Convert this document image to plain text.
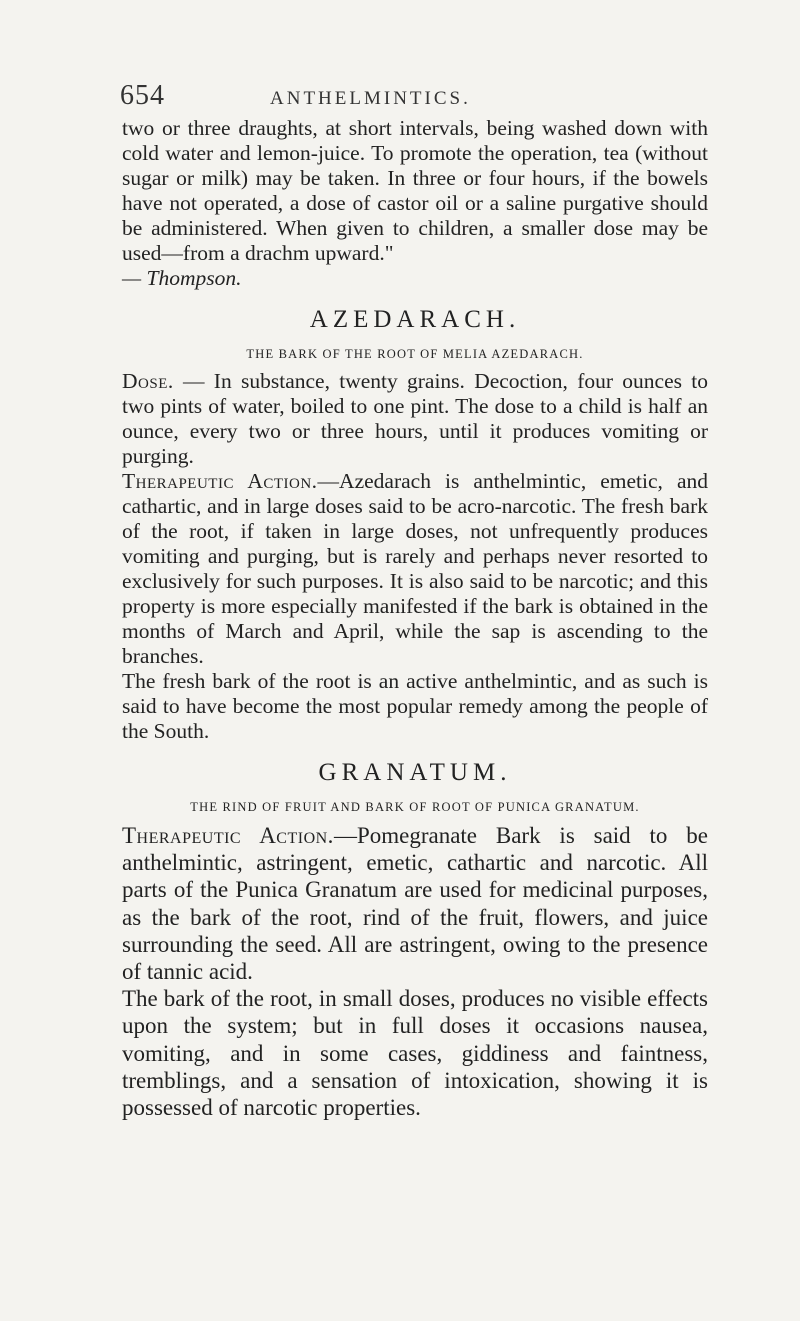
654	ANTHELMINTICS.

two or three draughts, at short intervals, being washed down with cold water and lemon-juice. To promote the operation, tea (without sugar or milk) may be taken. In three or four hours, if the bowels have not operated, a dose of castor oil or a saline purgative should be administered. When given to children, a smaller dose may be used—from a drachm upward."

— Thompson.

AZEDARACH.
THE BARK OF THE ROOT OF MELIA AZEDARACH.

Dose. — In substance, twenty grains. Decoction, four ounces to two pints of water, boiled to one pint. The dose to a child is half an ounce, every two or three hours, until it produces vomiting or purging.

Therapeutic Action.—Azedarach is anthelmintic, emetic, and cathartic, and in large doses said to be acro-narcotic. The fresh bark of the root, if taken in large doses, not unfrequently produces vomiting and purging, but is rarely and perhaps never resorted to exclusively for such purposes. It is also said to be narcotic; and this property is more especially manifested if the bark is obtained in the months of March and April, while the sap is ascending to the branches.

The fresh bark of the root is an active anthelmintic, and as such is said to have become the most popular remedy among the people of the South.

GRANATUM.
THE RIND OF FRUIT AND BARK OF ROOT OF PUNICA GRANATUM.

Therapeutic Action.—Pomegranate Bark is said to be anthelmintic, astringent, emetic, cathartic and narcotic. All parts of the Punica Granatum are used for medicinal purposes, as the bark of the root, rind of the fruit, flowers, and juice surrounding the seed. All are astringent, owing to the presence of tannic acid.

The bark of the root, in small doses, produces no visible effects upon the system; but in full doses it occasions nausea, vomiting, and in some cases, giddiness and faintness, tremblings, and a sensation of intoxication, showing it is possessed of narcotic properties.
